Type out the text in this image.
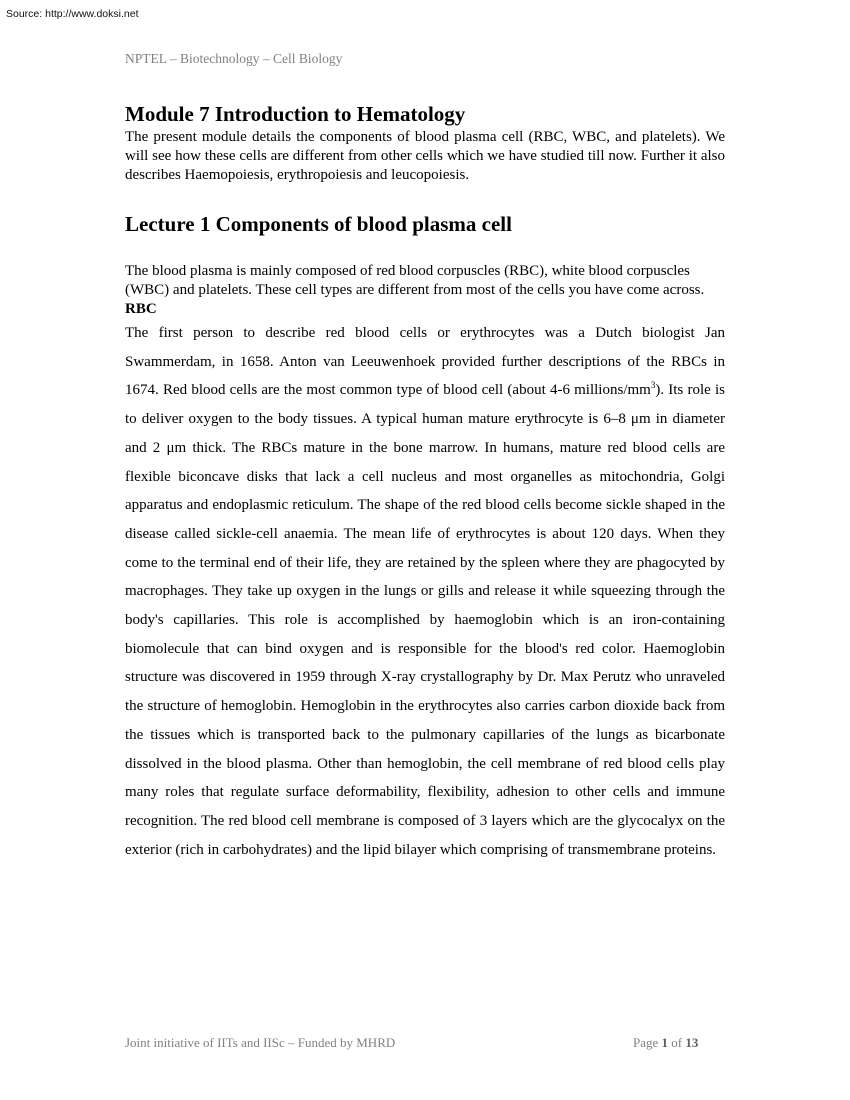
Source: http://www.doksi.net
NPTEL – Biotechnology – Cell Biology
Module 7 Introduction to Hematology

The present module details the components of blood plasma cell (RBC, WBC, and platelets). We will see how these cells are different from other cells which we have studied till now. Further it also describes Haemopoiesis, erythropoiesis and leucopoiesis.

Lecture 1 Components of blood plasma cell

The blood plasma is mainly composed of red blood corpuscles (RBC), white blood corpuscles (WBC) and platelets. These cell types are different from most of the cells you have come across.

RBC

The first person to describe red blood cells or erythrocytes was a Dutch biologist Jan Swammerdam, in 1658. Anton van Leeuwenhoek provided further descriptions of the RBCs in 1674. Red blood cells are the most common type of blood cell (about 4-6 millions/$mm^3$). Its role is to deliver oxygen to the body tissues. A typical human mature erythrocyte is 6–8 μm in diameter and 2 μm thick. The RBCs mature in the bone marrow. In humans, mature red blood cells are flexible biconcave disks that lack a cell nucleus and most organelles as mitochondria, Golgi apparatus and endoplasmic reticulum. The shape of the red blood cells become sickle shaped in the disease called sickle-cell anaemia. The mean life of erythrocytes is about 120 days. When they come to the terminal end of their life, they are retained by the spleen where they are phagocyted by macrophages. They take up oxygen in the lungs or gills and release it while squeezing through the body's capillaries. This role is accomplished by haemoglobin which is an iron-containing biomolecule that can bind oxygen and is responsible for the blood's red color. Haemoglobin structure was discovered in 1959 through X-ray crystallography by Dr. Max Perutz who unraveled the structure of hemoglobin. Hemoglobin in the erythrocytes also carries carbon dioxide back from the tissues which is transported back to the pulmonary capillaries of the lungs as bicarbonate dissolved in the blood plasma. Other than hemoglobin, the cell membrane of red blood cells play many roles that regulate surface deformability, flexibility, adhesion to other cells and immune recognition. The red blood cell membrane is composed of 3 layers which are the glycocalyx on the exterior (rich in carbohydrates) and the lipid bilayer which comprising of transmembrane proteins.

Joint initiative of IITs and IISc – Funded by MHRD	Page 1 of 13
